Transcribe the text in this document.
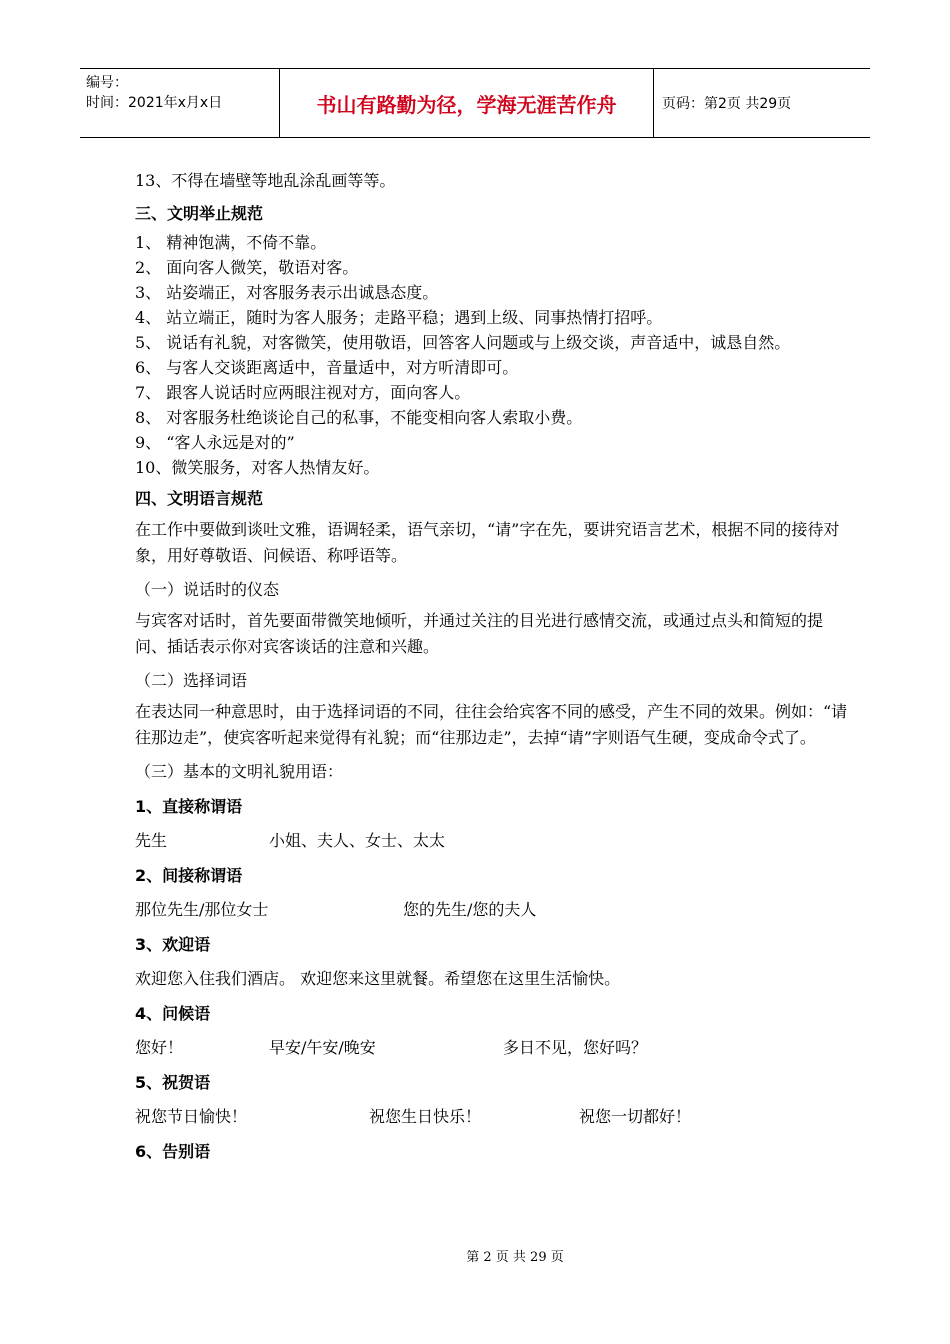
编号：
时间：2021年x月x日	书山有路勤为径，学海无涯苦作舟	页码：第2页 共29页
13、不得在墙壁等地乱涂乱画等等。
三、文明举止规范
1、 精神饱满，不倚不靠。
2、 面向客人微笑，敬语对客。
3、 站姿端正，对客服务表示出诚恳态度。
4、 站立端正，随时为客人服务；走路平稳；遇到上级、同事热情打招呼。
5、 说话有礼貌，对客微笑，使用敬语，回答客人问题或与上级交谈，声音适中，诚恳自然。
6、 与客人交谈距离适中，音量适中，对方听清即可。
7、 跟客人说话时应两眼注视对方，面向客人。
8、 对客服务杜绝谈论自己的私事，不能变相向客人索取小费。
9、 “客人永远是对的”
10、微笑服务，对客人热情友好。
四、文明语言规范
在工作中要做到谈吐文雅，语调轻柔，语气亲切，“请”字在先，要讲究语言艺术，根据不同的接待对象，用好尊敬语、问候语、称呼语等。
（一）说话时的仪态
与宾客对话时，首先要面带微笑地倾听，并通过关注的目光进行感情交流，或通过点头和简短的提问、插话表示你对宾客谈话的注意和兴趣。
（二）选择词语
在表达同一种意思时，由于选择词语的不同，往往会给宾客不同的感受，产生不同的效果。例如：“请往那边走”，使宾客听起来觉得有礼貌；而“往那边走”，去掉“请”字则语气生硬，变成命令式了。
（三）基本的文明礼貌用语：
1、直接称谓语
先生	小姐、夫人、女士、太太
2、间接称谓语
那位先生/那位女士	您的先生/您的夫人
3、欢迎语
欢迎您入住我们酒店。 欢迎您来这里就餐。希望您在这里生活愉快。
4、问候语
您好！	早安/午安/晚安	多日不见，您好吗？
5、祝贺语
祝您节日愉快！	祝您生日快乐！	祝您一切都好！
6、告别语
第 2 页 共 29 页
